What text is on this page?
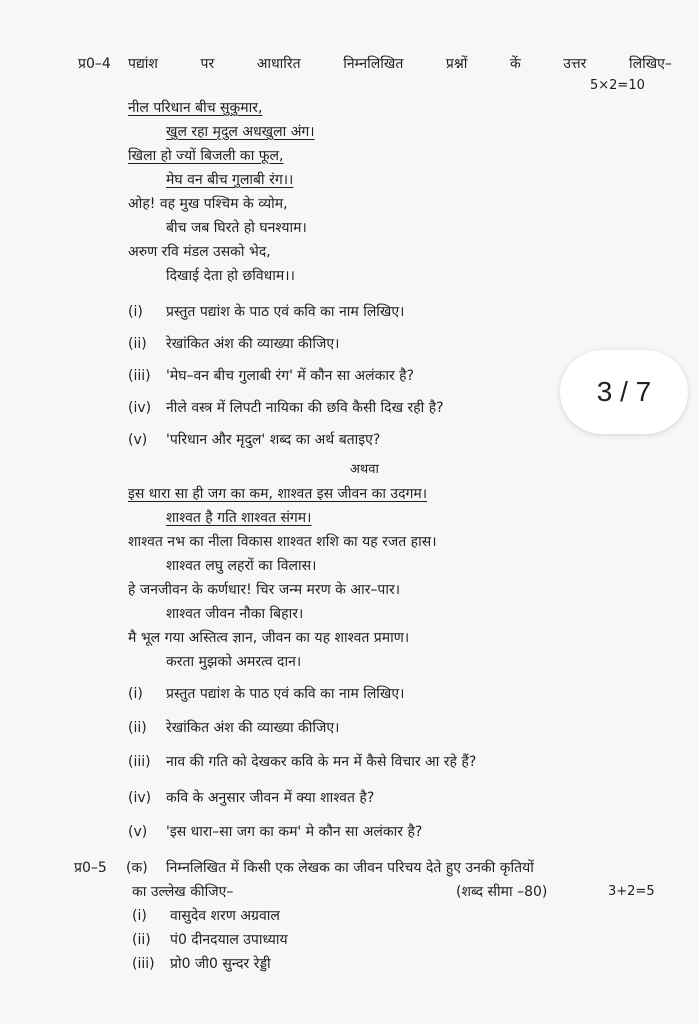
प्र0–4 पद्यांश	पर	आधारित	निम्नलिखित	प्रश्नों	कें	उत्तर	लिखिए–
5×2=10
नील परिधान बीच सुकुमार,
खुल रहा मृदुल अधखुला अंग।
खिला हो ज्यों बिजली का फूल,
मेघ वन बीच गुलाबी रंग।।
ओह! वह मुख पश्चिम के व्योम,
बीच जब घिरते हो घनश्याम।
अरुण रवि मंडल उसको भेद,
दिखाई देता हो छविधाम।।
(i) प्रस्तुत पद्यांश के पाठ एवं कवि का नाम लिखिए।
(ii) रेखांकित अंश की व्याख्या कीजिए।
(iii) 'मेघ–वन बीच गुलाबी रंग' में कौन सा अलंकार है?
(iv) नीले वस्त्र में लिपटी नायिका की छवि कैसी दिख रही है?
(v) 'परिधान और मृदुल' शब्द का अर्थ बताइए?
अथवा
इस धारा सा ही जग का कम, शाश्वत इस जीवन का उदगम।
शाश्वत है गति शाश्वत संगम।
शाश्वत नभ का नीला विकास शाश्वत शशि का यह रजत हास।
शाश्वत लघु लहरों का विलास।
हे जनजीवन के कर्णधार! चिर जन्म मरण के आर–पार।
शाश्वत जीवन नौका बिहार।
मै भूल गया अस्तित्व ज्ञान, जीवन का यह शाश्वत प्रमाण।
करता मुझको अमरत्व दान।
(i) प्रस्तुत पद्यांश के पाठ एवं कवि का नाम लिखिए।
(ii) रेखांकित अंश की व्याख्या कीजिए।
(iii) नाव की गति को देखकर कवि के मन में कैसे विचार आ रहे हैं?
(iv) कवि के अनुसार जीवन में क्या शाश्वत है?
(v) 'इस धारा–सा जग का कम' मे कौन सा अलंकार है?
प्र0–5 (क) निम्नलिखित में किसी एक लेखक का जीवन परिचय देते हुए उनकी कृतियों
का उल्लेख कीजिए–	(शब्द सीमा –80)	3+2=5
(i) वासुदेव शरण अग्रवाल
(ii) पं0 दीनदयाल उपाध्याय
(iii) प्रो0 जी0 सुन्दर रेड्डी
3 / 7
